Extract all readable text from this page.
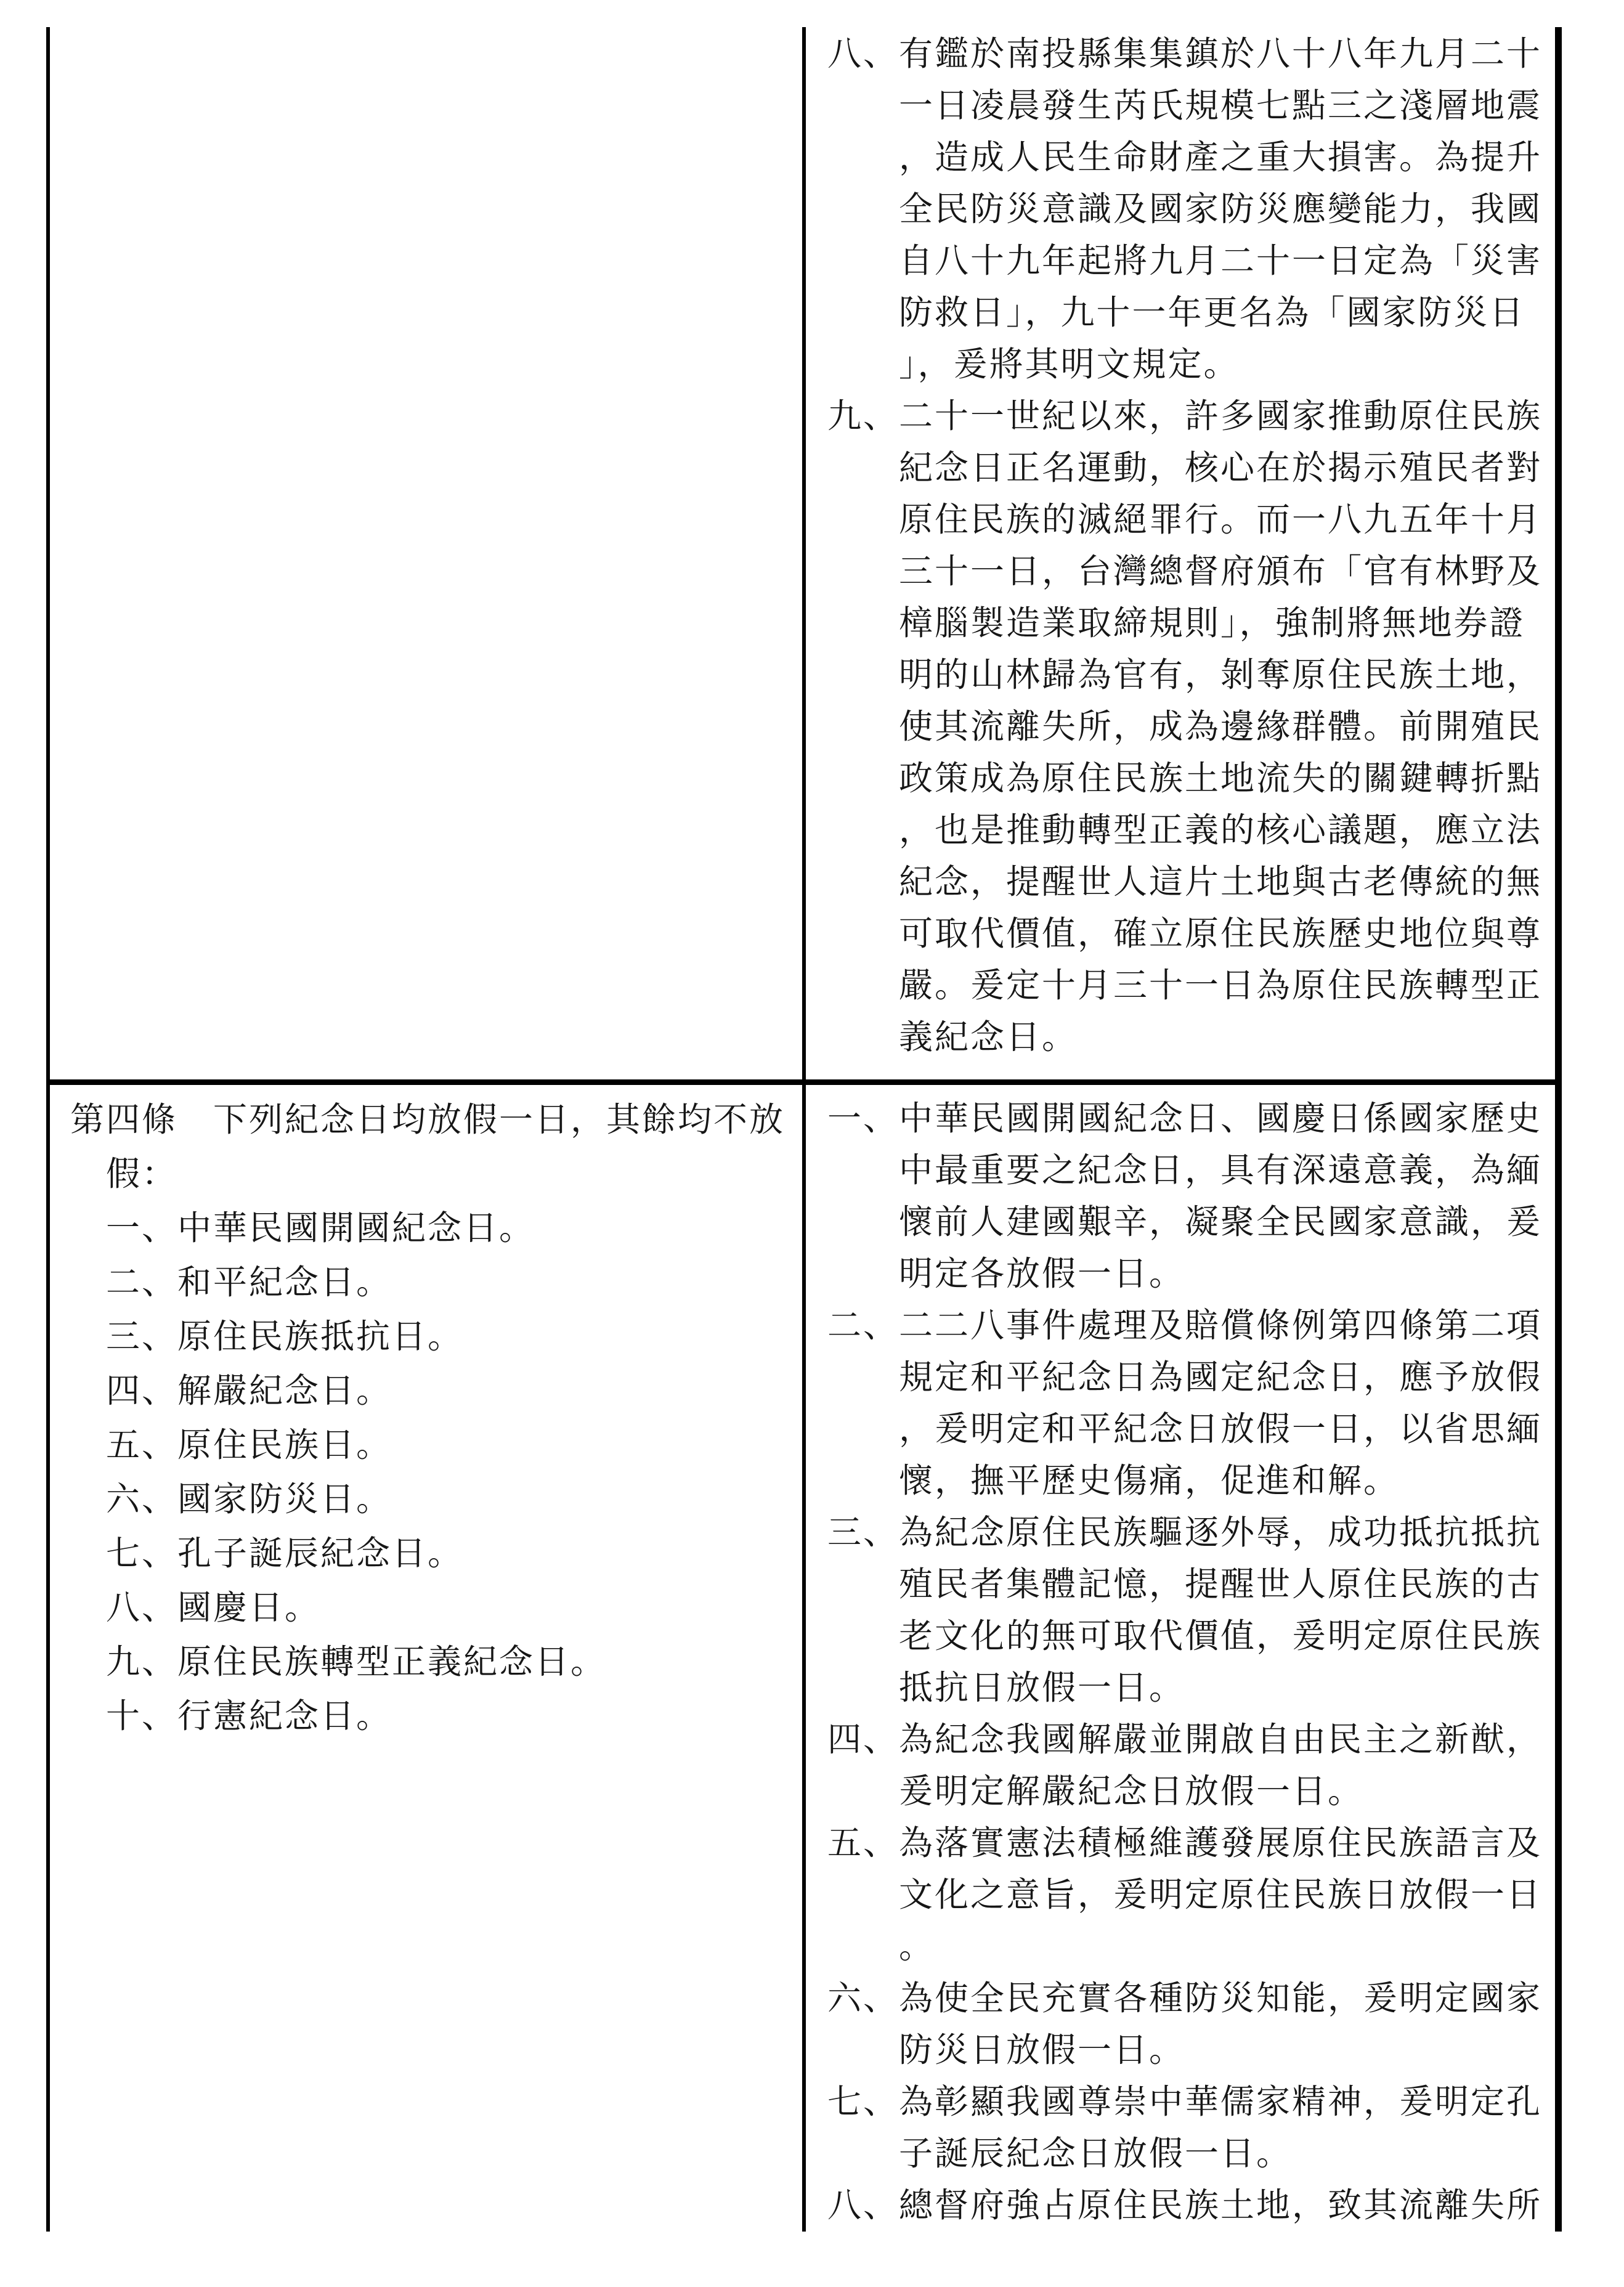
八、有鑑於南投縣集集鎮於八十八年九月二十
一日凌晨發生芮氏規模七點三之淺層地震
，造成人民生命財產之重大損害。為提升
全民防災意識及國家防災應變能力，我國
自八十九年起將九月二十一日定為「災害
防救日」，九十一年更名為「國家防災日
」，爰將其明文規定。
九、二十一世紀以來，許多國家推動原住民族
紀念日正名運動，核心在於揭示殖民者對
原住民族的滅絕罪行。而一八九五年十月
三十一日，台灣總督府頒布「官有林野及
樟腦製造業取締規則」，強制將無地券證
明的山林歸為官有，剝奪原住民族土地，
使其流離失所，成為邊緣群體。前開殖民
政策成為原住民族土地流失的關鍵轉折點
，也是推動轉型正義的核心議題，應立法
紀念，提醒世人這片土地與古老傳統的無
可取代價值，確立原住民族歷史地位與尊
嚴。爰定十月三十一日為原住民族轉型正
義紀念日。
第四條　下列紀念日均放假一日，其餘均不放
假：
一、中華民國開國紀念日。
二、和平紀念日。
三、原住民族抵抗日。
四、解嚴紀念日。
五、原住民族日。
六、國家防災日。
七、孔子誕辰紀念日。
八、國慶日。
九、原住民族轉型正義紀念日。
十、行憲紀念日。
一、中華民國開國紀念日、國慶日係國家歷史
中最重要之紀念日，具有深遠意義，為緬
懷前人建國艱辛，凝聚全民國家意識，爰
明定各放假一日。
二、二二八事件處理及賠償條例第四條第二項
規定和平紀念日為國定紀念日，應予放假
，爰明定和平紀念日放假一日，以省思緬
懷，撫平歷史傷痛，促進和解。
三、為紀念原住民族驅逐外辱，成功抵抗抵抗
殖民者集體記憶，提醒世人原住民族的古
老文化的無可取代價值，爰明定原住民族
抵抗日放假一日。
四、為紀念我國解嚴並開啟自由民主之新猷，
爰明定解嚴紀念日放假一日。
五、為落實憲法積極維護發展原住民族語言及
文化之意旨，爰明定原住民族日放假一日
。
六、為使全民充實各種防災知能，爰明定國家
防災日放假一日。
七、為彰顯我國尊崇中華儒家精神，爰明定孔
子誕辰紀念日放假一日。
八、總督府強占原住民族土地，致其流離失所
